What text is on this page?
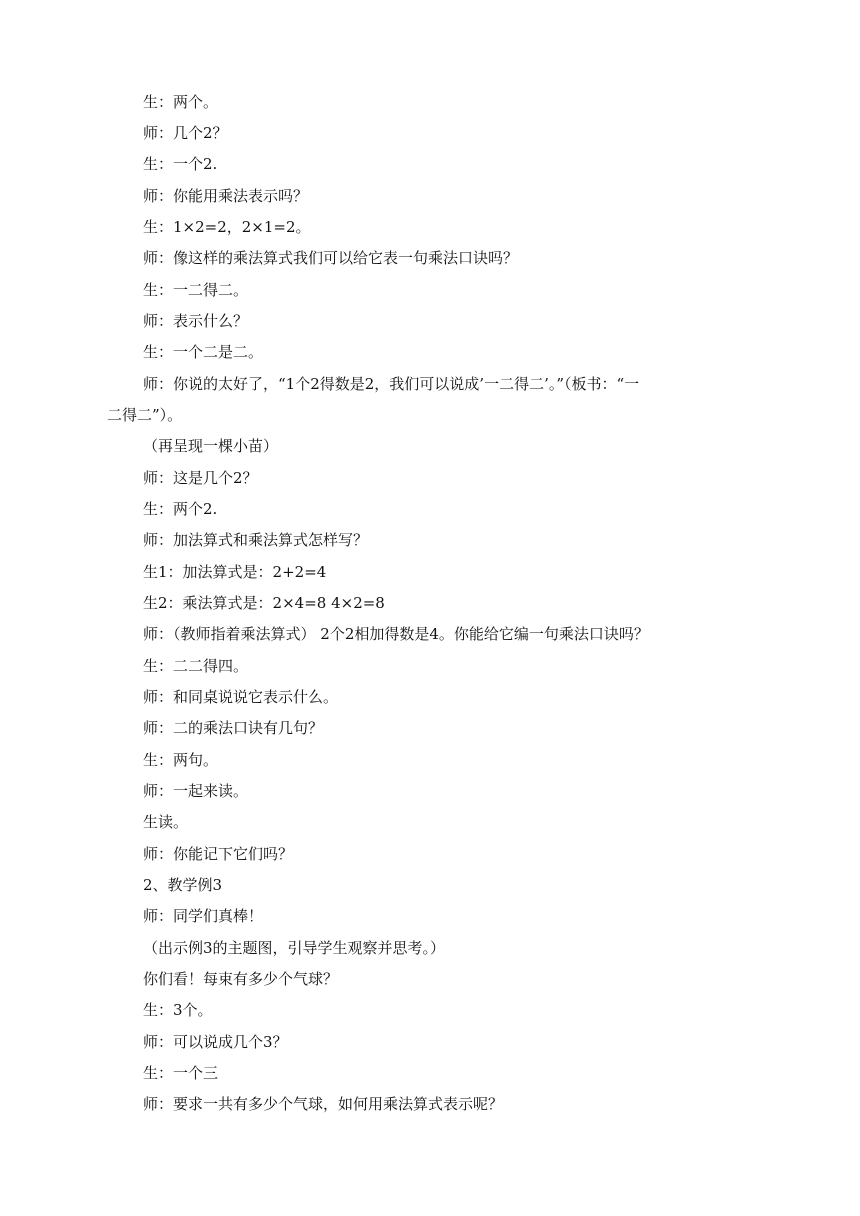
生：两个。
师：几个2？
生：一个2.
师：你能用乘法表示吗？
生：1×2=2，2×1=2。
师：像这样的乘法算式我们可以给它表一句乘法口诀吗？
生：一二得二。
师：表示什么？
生：一个二是二。
师：你说的太好了，“1个2得数是2，我们可以说成’一二得二’。”（板书：“一
二得二”）。
（再呈现一棵小苗）
师：这是几个2？
生：两个2.
师：加法算式和乘法算式怎样写？
生1：加法算式是：2+2=4
生2：乘法算式是：2×4=8 4×2=8
师：（教师指着乘法算式） 2个2相加得数是4。你能给它编一句乘法口诀吗？
生：二二得四。
师：和同桌说说它表示什么。
师：二的乘法口诀有几句？
生：两句。
师：一起来读。
生读。
师：你能记下它们吗？
2、教学例3
师：同学们真棒！
（出示例3的主题图，引导学生观察并思考。）
你们看！每束有多少个气球？
生：3个。
师：可以说成几个3？
生：一个三
师：要求一共有多少个气球，如何用乘法算式表示呢？
